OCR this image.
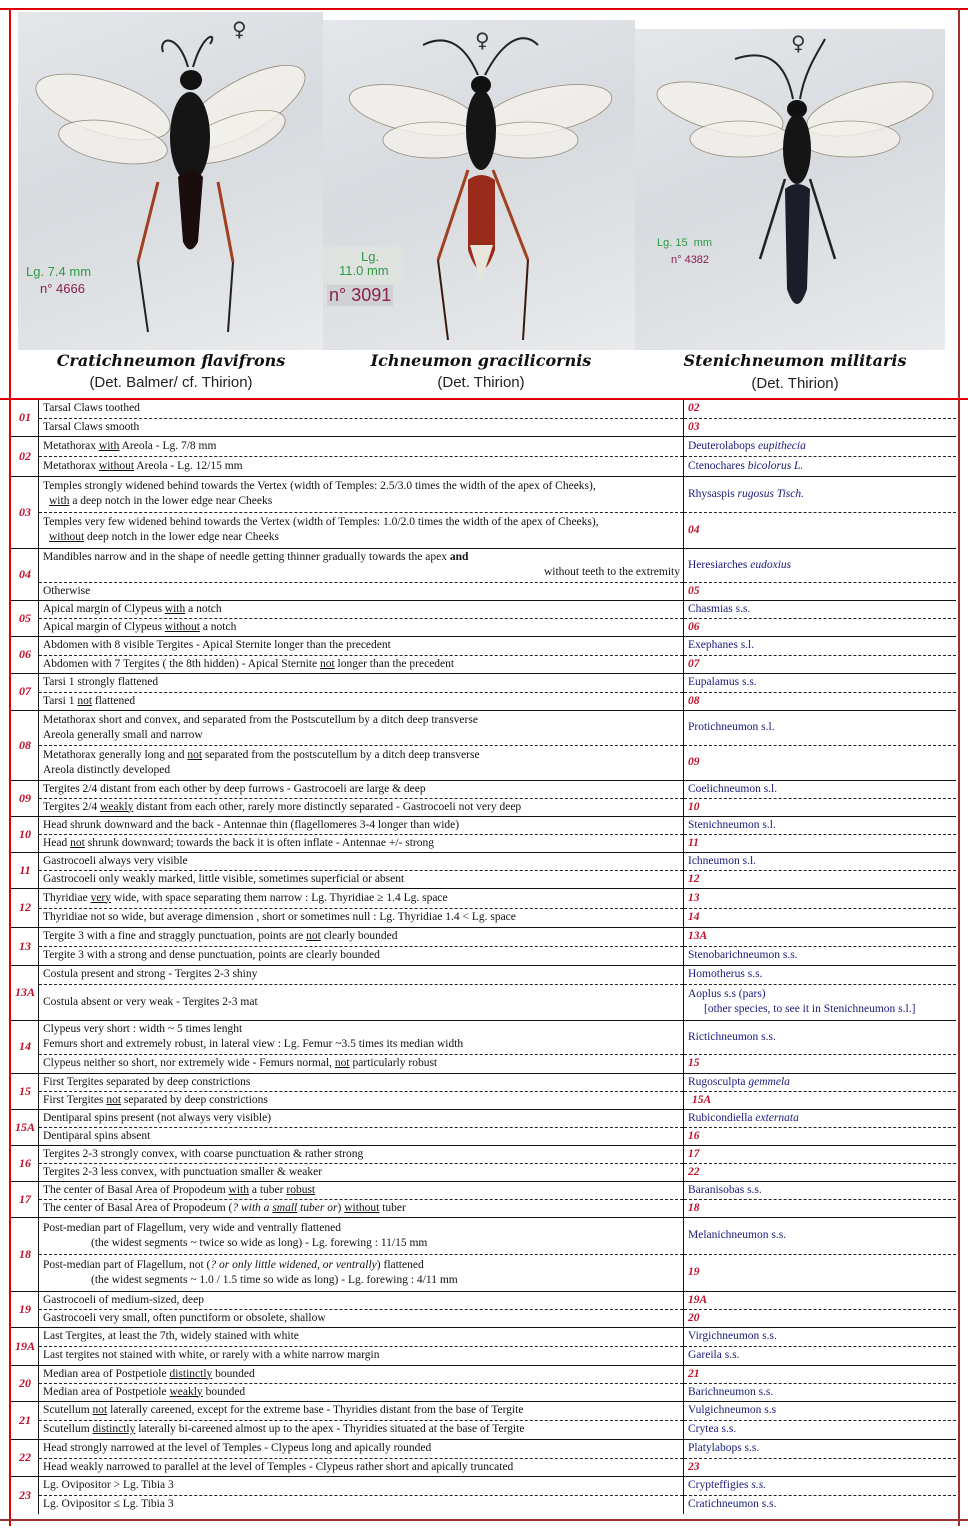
♀
Lg. 7.4 mm
n° 4666
♀
Lg.
11.0 mm
n° 3091
♀
Lg. 15  mm
n° 4382
Cratichneumon flavifrons	Ichneumon gracilicornis	Stenichneumon militaris
(Det. Balmer/ cf. Thirion)	(Det. Thirion)	(Det. Thirion)
01	Tarsal Claws toothed	02
	Tarsal Claws smooth	03
02	Metathorax with Areola - Lg. 7/8 mm	Deuterolabops eupithecia
	Metathorax without Areola - Lg. 12/15 mm	Ctenochares bicolorus L.
03	Temples strongly widened behind towards the Vertex (width of Temples: 2.5/3.0 times the width of the apex of Cheeks),
with a deep notch in the lower edge near Cheeks	Rhysaspis rugosus Tisch.
	Temples very few widened behind towards the Vertex (width of Temples: 1.0/2.0 times the width of the apex of Cheeks),
without deep notch in the lower edge near Cheeks	04
04	Mandibles narrow and in the shape of needle getting thinner gradually towards the apex and
without teeth to the extremity	Heresiarches eudoxius
	Otherwise	05
05	Apical margin of Clypeus with a notch	Chasmias s.s.
	Apical margin of Clypeus without a notch	06
06	Abdomen with 8 visible Tergites - Apical Sternite longer than the precedent	Exephanes s.l.
	Abdomen with 7 Tergites ( the 8th hidden) - Apical Sternite not longer than the precedent	07
07	Tarsi 1 strongly flattened	Eupalamus s.s.
	Tarsi 1 not flattened	08
08	Metathorax short and convex, and separated from the Postscutellum by a ditch deep transverse
Areola generally small and narrow	Protichneumon s.l.
	Metathorax generally long and not separated from the postscutellum by a ditch deep transverse
Areola distinctly developed	09
09	Tergites 2/4 distant from each other by deep furrows - Gastrocoeli are large & deep	Coelichneumon s.l.
	Tergites 2/4 weakly distant from each other, rarely more distinctly separated - Gastrocoeli not very deep	10
10	Head shrunk downward and the back - Antennae thin (flagellomeres 3-4 longer than wide)	Stenichneumon s.l.
	Head not shrunk downward; towards the back it is often inflate - Antennae +/- strong	11
11	Gastrocoeli always very visible	Ichneumon s.l.
	Gastrocoeli only weakly marked, little visible, sometimes superficial or absent	12
12	Thyridiae very wide, with space separating them narrow : Lg. Thyridiae ≥ 1.4 Lg. space	13
	Thyridiae not so wide, but average dimension , short or sometimes null : Lg. Thyridiae 1.4 < Lg. space	14
13	Tergite 3 with a fine and straggly punctuation, points are not clearly bounded	13A
	Tergite 3 with a strong and dense punctuation, points are clearly bounded	Stenobarichneumon s.s.
13A	Costula present and strong - Tergites 2-3 shiny	Homotherus s.s.
	Costula absent or very weak - Tergites 2-3 mat	Aoplus s.s (pars)
[other species, to see it in Stenichneumon s.l.]

14	Clypeus very short : width ~ 5 times lenght
Femurs short and extremely robust, in lateral view : Lg. Femur ~3.5 times its median width	Rictichneumon s.s.
	Clypeus neither so short, nor extremely wide - Femurs normal, not particularly robust	15
15	First Tergites separated by deep constrictions	Rugosculpta gemmela
	First Tergites not separated by deep constrictions	15A
15A	Dentiparal spins present (not always very visible)	Rubicondiella externata
	Dentiparal spins absent	16
16	Tergites 2-3 strongly convex, with coarse punctuation & rather strong	17
	Tergites 2-3 less convex, with punctuation smaller & weaker	22
17	The center of Basal Area of Propodeum with a tuber robust	Baranisobas s.s.
	The center of Basal Area of Propodeum (? with a small tuber or) without tuber	18
18	Post-median part of Flagellum, very wide and ventrally flattened
(the widest segments ~ twice so wide as long) - Lg. forewing : 11/15 mm	Melanichneumon s.s.
	Post-median part of Flagellum, not (? or only little widened, or ventrally) flattened
(the widest segments ~ 1.0 / 1.5 time so wide as long) - Lg. forewing : 4/11 mm	19
19	Gastrocoeli of medium-sized, deep	19A
	Gastrocoeli very small, often punctiform or obsolete, shallow	20
19A	Last Tergites, at least the 7th, widely stained with white	Virgichneumon s.s.
	Last tergites not stained with white, or rarely with a white narrow margin	Gareila s.s.
20	Median area of Postpetiole distinctly bounded	21
	Median area of Postpetiole weakly bounded	Barichneumon s.s.
21	Scutellum not laterally careened, except for the extreme base - Thyridies distant from the base of Tergite	Vulgichneumon s.s
	Scutellum distinctly laterally bi-careened almost up to the apex - Thyridies situated at the base of Tergite	Crytea s.s.
22	Head strongly narrowed at the level of Temples - Clypeus long and apically rounded	Platylabops s.s.
	Head weakly narrowed to parallel at the level of Temples - Clypeus rather short and apically truncated	23
23	Lg. Ovipositor > Lg. Tibia 3	Crypteffigies s.s.
	Lg. Ovipositor ≤ Lg. Tibia 3	Cratichneumon s.s.
